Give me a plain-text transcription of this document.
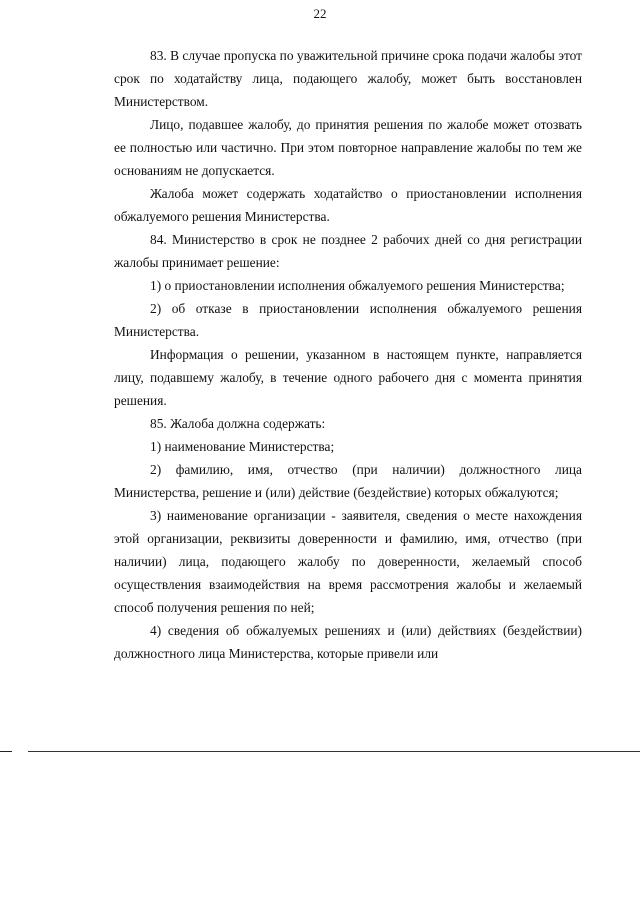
22

83. В случае пропуска по уважительной причине срока подачи жалобы этот срок по ходатайству лица, подающего жалобу, может быть восстановлен Министерством.

Лицо, подавшее жалобу, до принятия решения по жалобе может отозвать ее полностью или частично. При этом повторное направление жалобы по тем же основаниям не допускается.

Жалоба может содержать ходатайство о приостановлении исполнения обжалуемого решения Министерства.

84. Министерство в срок не позднее 2 рабочих дней со дня регистрации жалобы принимает решение:

1) о приостановлении исполнения обжалуемого решения Министерства;

2) об отказе в приостановлении исполнения обжалуемого решения Министерства.

Информация о решении, указанном в настоящем пункте, направляется лицу, подавшему жалобу, в течение одного рабочего дня с момента принятия решения.

85. Жалоба должна содержать:

1) наименование Министерства;

2) фамилию, имя, отчество (при наличии) должностного лица Министерства, решение и (или) действие (бездействие) которых обжалуются;

3) наименование организации - заявителя, сведения о месте нахождения этой организации, реквизиты доверенности и фамилию, имя, отчество (при наличии) лица, подающего жалобу по доверенности, желаемый способ осуществления взаимодействия на время рассмотрения жалобы и желаемый способ получения решения по ней;

4) сведения об обжалуемых решениях и (или) действиях (бездействии) должностного лица Министерства, которые привели или
